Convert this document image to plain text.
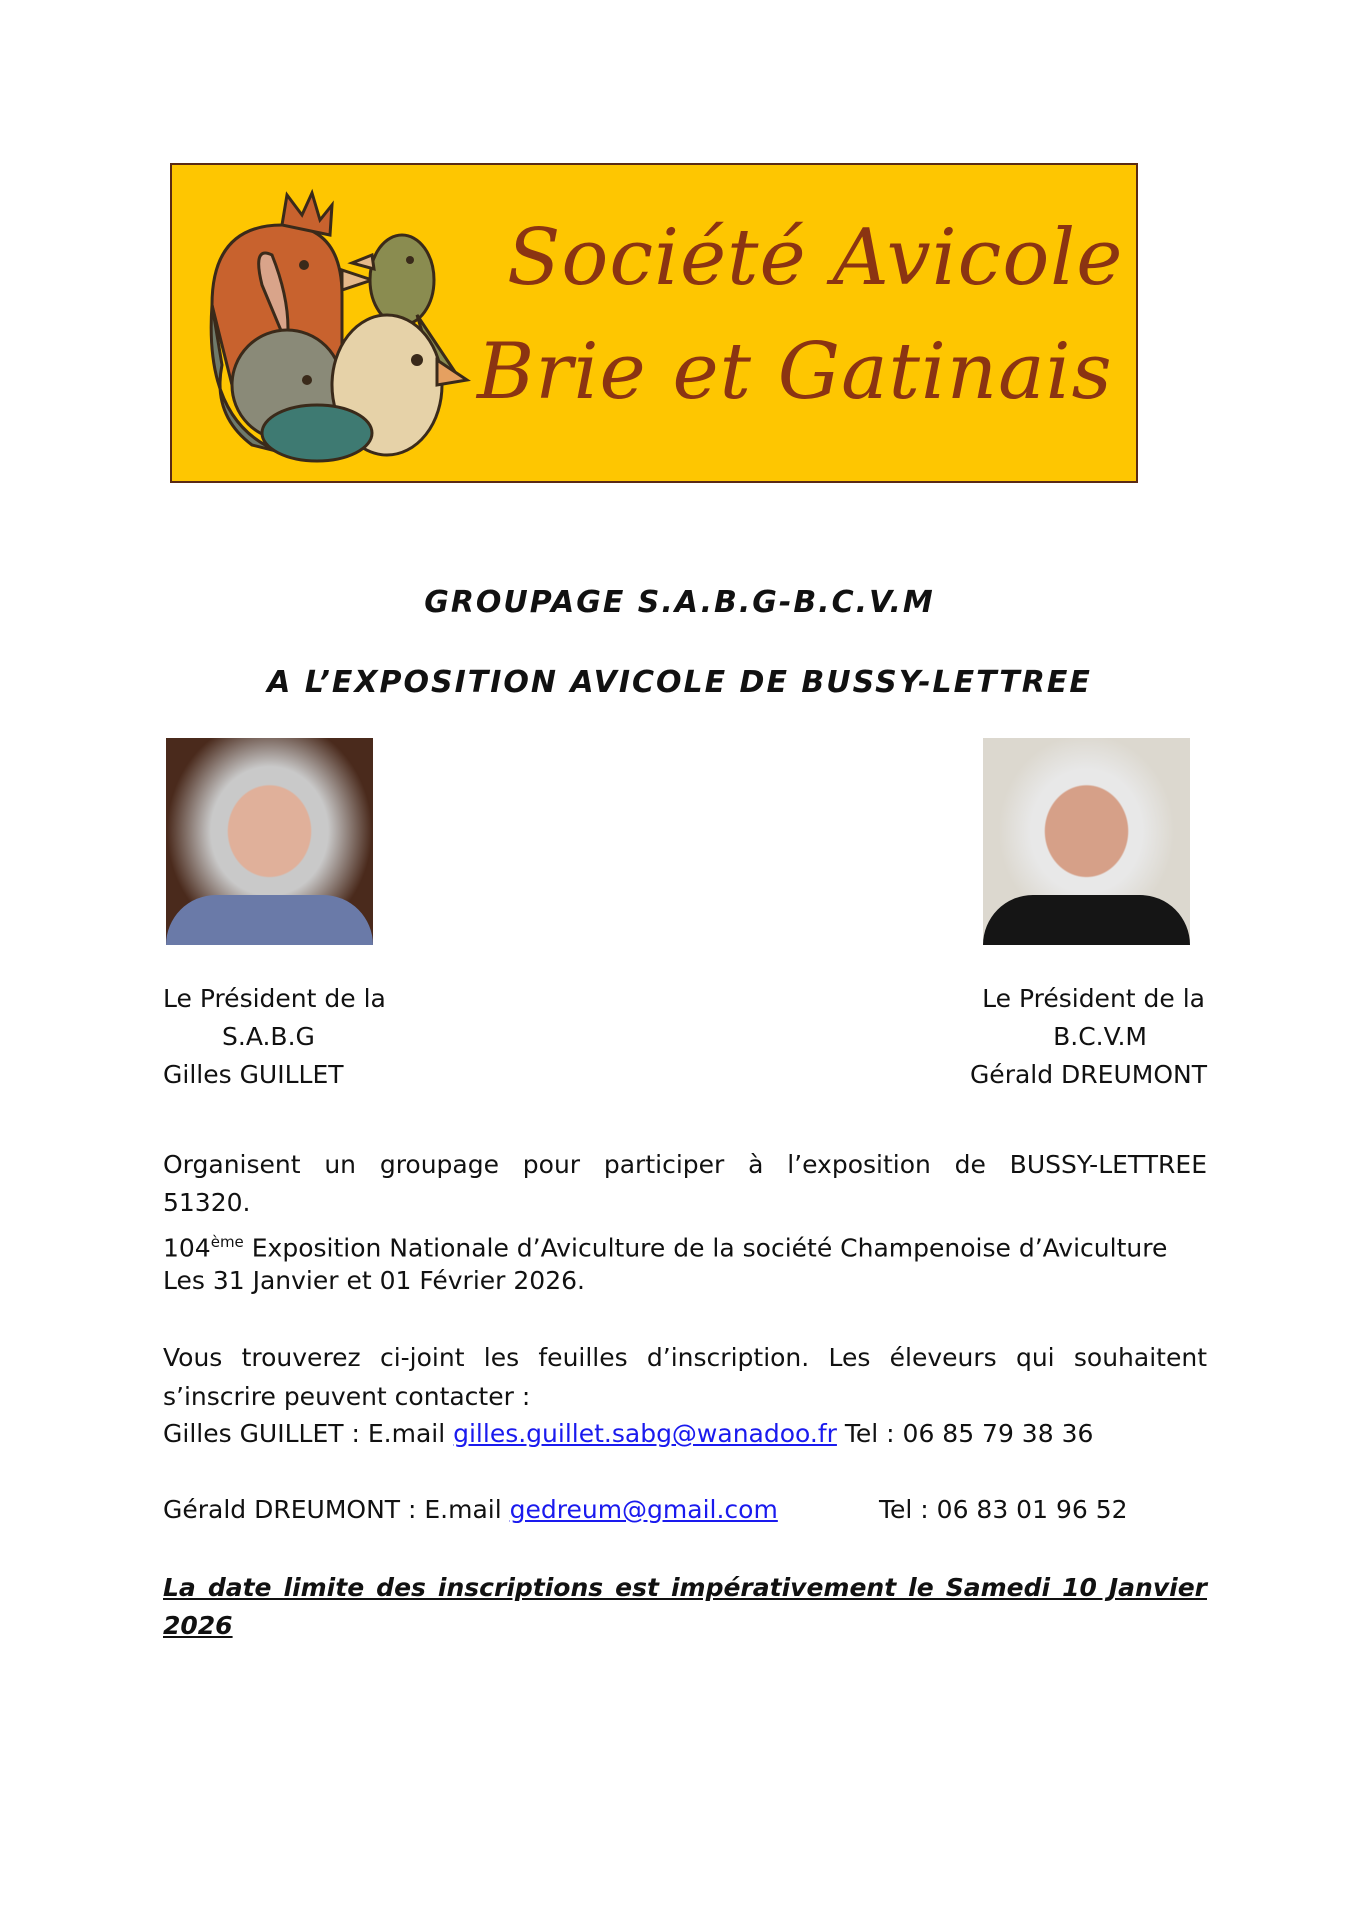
Société Avicole
Brie et Gatinais
GROUPAGE S.A.B.G-B.C.V.M
A L’EXPOSITION AVICOLE DE BUSSY-LETTREE
Le Président de la
S.A.B.G
Gilles GUILLET
Le Président de la
B.C.V.M
Gérald DREUMONT
Organisent un groupage pour participer à l’exposition de BUSSY-LETTREE
51320.
104ème Exposition Nationale d’Aviculture de la société Champenoise d’Aviculture
Les 31 Janvier et 01 Février 2026.
Vous trouverez ci-joint les feuilles d’inscription. Les éleveurs qui souhaitent
s’inscrire peuvent contacter :
Gilles GUILLET : E.mail gilles.guillet.sabg@wanadoo.fr Tel : 06 85 79 38 36
Gérald DREUMONT : E.mail gedreum@gmail.com	Tel : 06 83 01 96 52
La date limite des inscriptions est impérativement le Samedi 10 Janvier
2026
